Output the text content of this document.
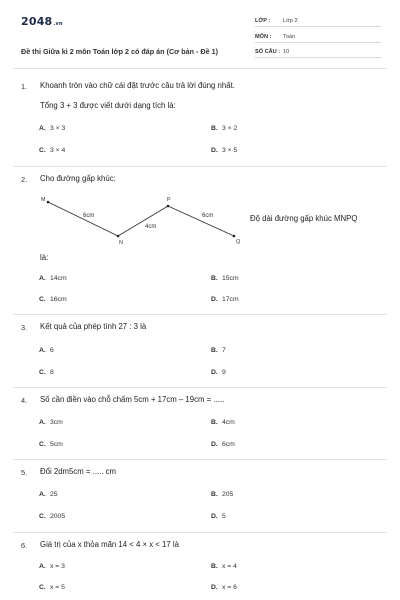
2048.vn
Đề thi Giữa kì 2 môn Toán lớp 2 có đáp án (Cơ bản - Đề 1)
LỚP : Lớp 2
MÔN : Toán
SỐ CÂU : 10
1. Khoanh tròn vào chữ cái đặt trước câu trả lời đúng nhất.
Tổng 3 + 3 được viết dưới dạng tích là:
A. 3 × 3	B. 3 × 2
C. 3 × 4	D. 3 × 5
2. Cho đường gấp khúc:
M
N
P
Q
6cm
4cm
6cm	Độ dài đường gấp khúc MNPQ
là:
A. 14cm	B. 15cm
C. 16cm	D. 17cm
3. Kết quả của phép tính 27 : 3 là
A. 6	B. 7
C. 8	D. 9
4. Số cần điền vào chỗ chấm 5cm + 17cm – 19cm = .....
A. 3cm	B. 4cm
C. 5cm	D. 6cm
5. Đổi 2dm5cm = ..... cm
A. 25	B. 205
C. 2005	D. 5
6. Giá trị của x thỏa mãn 14 < 4 × x < 17 là
A. x = 3	B. x = 4
C. x = 5	D. x = 6
